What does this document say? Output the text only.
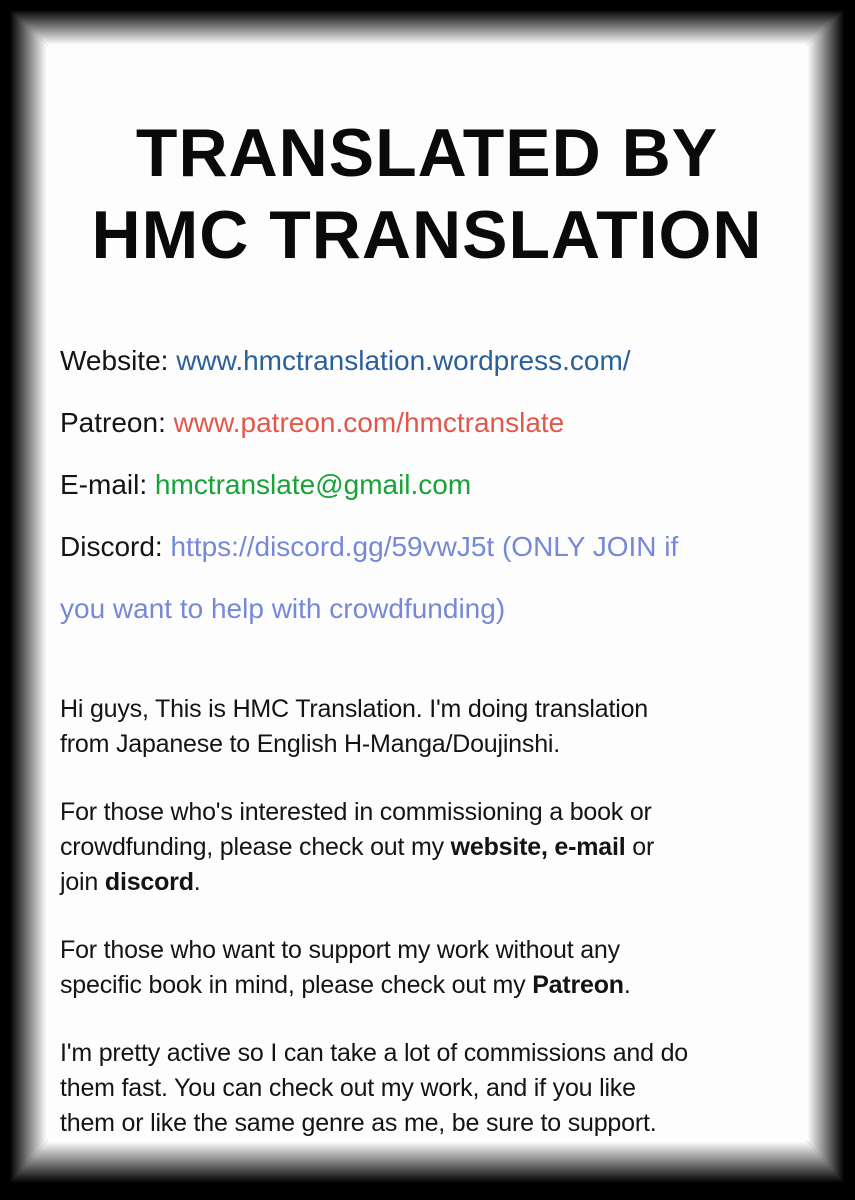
TRANSLATED BY
HMC TRANSLATION
Website: www.hmctranslation.wordpress.com/
Patreon: www.patreon.com/hmctranslate
E-mail: hmctranslate@gmail.com
Discord: https://discord.gg/59vwJ5t (ONLY JOIN if
you want to help with crowdfunding)
Hi guys, This is HMC Translation. I'm doing translation
from Japanese to English H-Manga/Doujinshi.
For those who's interested in commissioning a book or
crowdfunding, please check out my website, e-mail or
join discord.
For those who want to support my work without any
specific book in mind, please check out my Patreon.
I'm pretty active so I can take a lot of commissions and do
them fast. You can check out my work, and if you like
them or like the same genre as me, be sure to support.
